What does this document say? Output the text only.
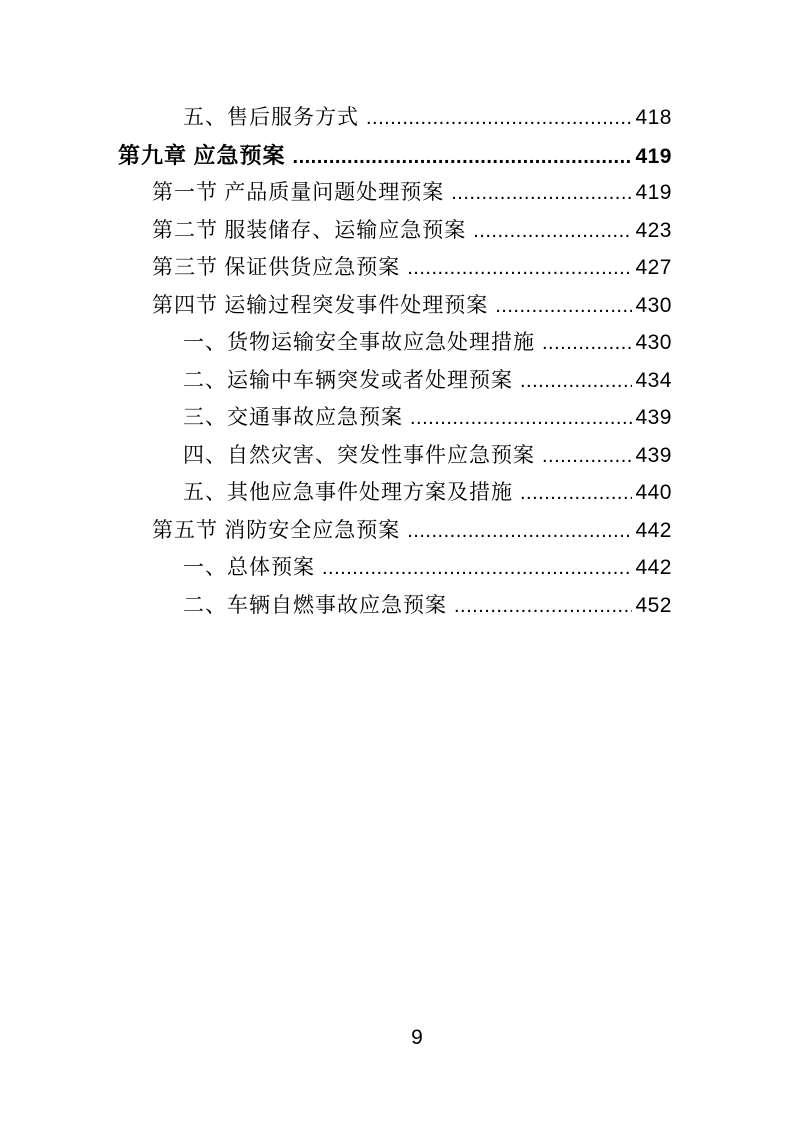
五、售后服务方式 .....	418
第九章 应急预案 .....	419
第一节 产品质量问题处理预案 .....	419
第二节 服装储存、运输应急预案 .....	423
第三节 保证供货应急预案 .....	427
第四节 运输过程突发事件处理预案 .....	430
一、货物运输安全事故应急处理措施 .....	430
二、运输中车辆突发或者处理预案 .....	434
三、交通事故应急预案 .....	439
四、自然灾害、突发性事件应急预案 .....	439
五、其他应急事件处理方案及措施 .....	440
第五节 消防安全应急预案 .....	442
一、总体预案 .....	442
二、车辆自燃事故应急预案 .....	452
9
